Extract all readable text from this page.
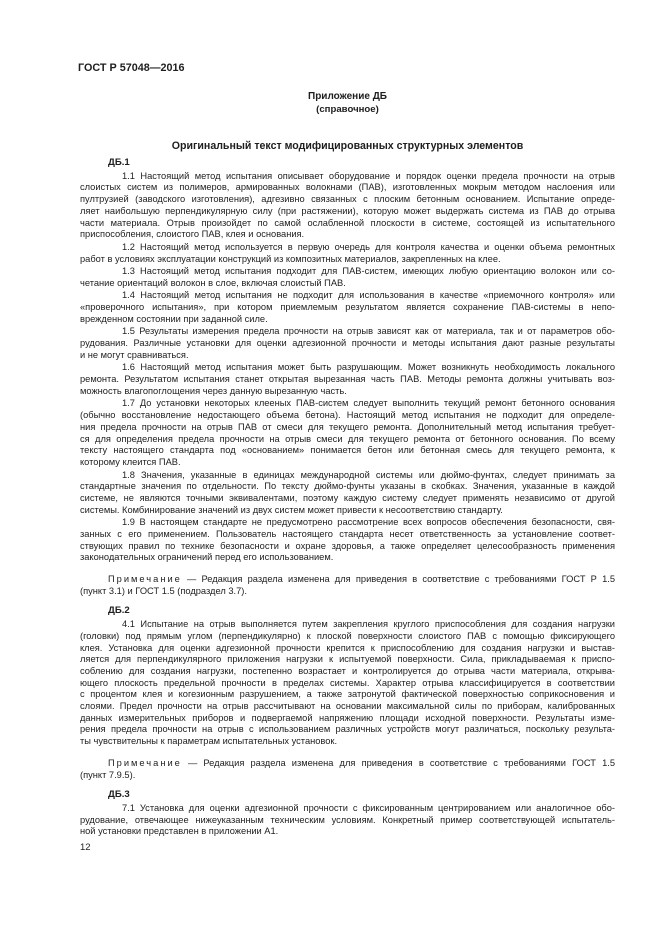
ГОСТ Р 57048—2016
Приложение ДБ
(справочное)
Оригинальный текст модифицированных структурных элементов
ДБ.1
1.1 Настоящий метод испытания описывает оборудование и порядок оценки предела прочности на отрыв
слоистых систем из полимеров, армированных волокнами (ПАВ), изготовленных мокрым методом наслоения или
пултрузией (заводского изготовления), адгезивно связанных с плоским бетонным основанием. Испытание опреде-
ляет наибольшую перпендикулярную силу (при растяжении), которую может выдержать система из ПАВ до отрыва
части материала. Отрыв произойдет по самой ослабленной плоскости в системе, состоящей из испытательного
приспособления, слоистого ПАВ, клея и основания.
1.2 Настоящий метод используется в первую очередь для контроля качества и оценки объема ремонтных
работ в условиях эксплуатации конструкций из композитных материалов, закрепленных на клее.
1.3 Настоящий метод испытания подходит для ПАВ-систем, имеющих любую ориентацию волокон или со-
четание ориентаций волокон в слое, включая слоистый ПАВ.
1.4 Настоящий метод испытания не подходит для использования в качестве «приемочного контроля» или
«проверочного испытания», при котором приемлемым результатом является сохранение ПАВ-системы в непо-
врежденном состоянии при заданной силе.
1.5 Результаты измерения предела прочности на отрыв зависят как от материала, так и от параметров обо-
рудования. Различные установки для оценки адгезионной прочности и методы испытания дают разные результаты
и не могут сравниваться.
1.6 Настоящий метод испытания может быть разрушающим. Может возникнуть необходимость локального
ремонта. Результатом испытания станет открытая вырезанная часть ПАВ. Методы ремонта должны учитывать воз-
можность влагопоглощения через данную вырезанную часть.
1.7 До установки некоторых клееных ПАВ-систем следует выполнить текущий ремонт бетонного основания
(обычно восстановление недостающего объема бетона). Настоящий метод испытания не подходит для определе-
ния предела прочности на отрыв ПАВ от смеси для текущего ремонта. Дополнительный метод испытания требует-
ся для определения предела прочности на отрыв смеси для текущего ремонта от бетонного основания. По всему
тексту настоящего стандарта под «основанием» понимается бетон или бетонная смесь для текущего ремонта, к
которому клеится ПАВ.
1.8 Значения, указанные в единицах международной системы или дюймо-фунтах, следует принимать за
стандартные значения по отдельности. По тексту дюймо-фунты указаны в скобках. Значения, указанные в каждой
системе, не являются точными эквивалентами, поэтому каждую систему следует применять независимо от другой
системы. Комбинирование значений из двух систем может привести к несоответствию стандарту.
1.9 В настоящем стандарте не предусмотрено рассмотрение всех вопросов обеспечения безопасности, свя-
занных с его применением. Пользователь настоящего стандарта несет ответственность за установление соответ-
ствующих правил по технике безопасности и охране здоровья, а также определяет целесообразность применения
законодательных ограничений перед его использованием.
Примечание — Редакция раздела изменена для приведения в соответствие с требованиями ГОСТ Р 1.5
(пункт 3.1) и ГОСТ 1.5 (подраздел 3.7).
ДБ.2
4.1 Испытание на отрыв выполняется путем закрепления круглого приспособления для создания нагрузки
(головки) под прямым углом (перпендикулярно) к плоской поверхности слоистого ПАВ с помощью фиксирующего
клея. Установка для оценки адгезионной прочности крепится к приспособлению для создания нагрузки и выстав-
ляется для перпендикулярного приложения нагрузки к испытуемой поверхности. Сила, прикладываемая к приспо-
соблению для создания нагрузки, постепенно возрастает и контролируется до отрыва части материала, открыва-
ющего плоскость предельной прочности в пределах системы. Характер отрыва классифицируется в соответствии
с процентом клея и когезионным разрушением, а также затронутой фактической поверхностью соприкосновения и
слоями. Предел прочности на отрыв рассчитывают на основании максимальной силы по приборам, калиброванных
данных измерительных приборов и подвергаемой напряжению площади исходной поверхности. Результаты изме-
рения предела прочности на отрыв с использованием различных устройств могут различаться, поскольку результа-
ты чувствительны к параметрам испытательных установок.
Примечание — Редакция раздела изменена для приведения в соответствие с требованиями ГОСТ 1.5
(пункт 7.9.5).
ДБ.3
7.1 Установка для оценки адгезионной прочности с фиксированным центрированием или аналогичное обо-
рудование, отвечающее нижеуказанным техническим условиям. Конкретный пример соответствующей испытатель-
ной установки представлен в приложении А1.
12
